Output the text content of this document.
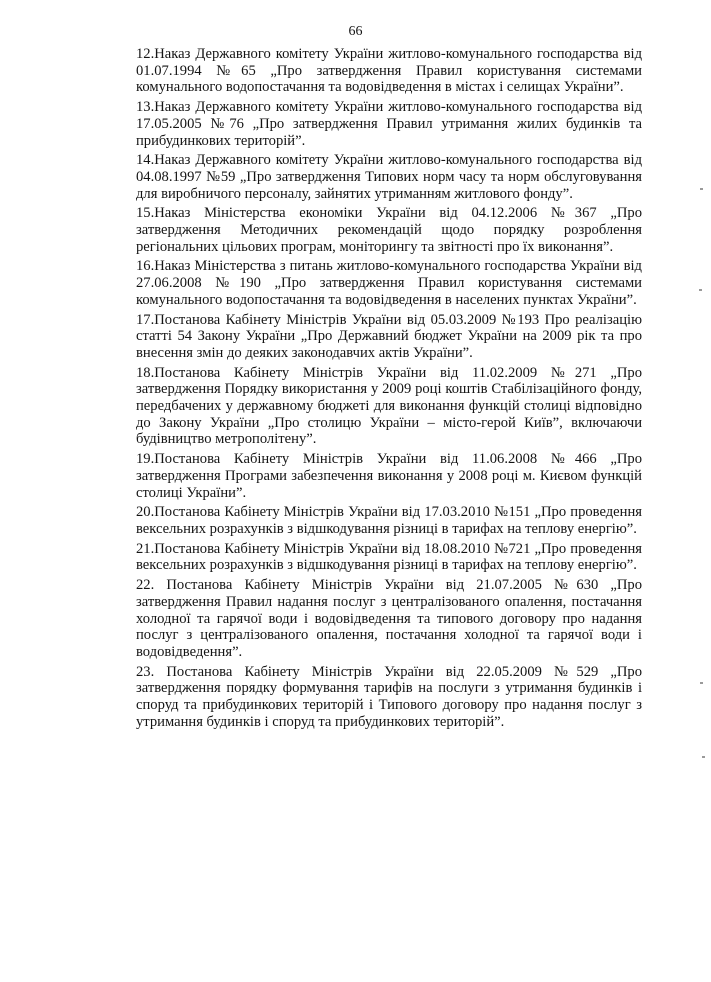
66

12.Наказ Державного комітету України житлово-комунального господарства від 01.07.1994 №65 „Про затвердження Правил користування системами комунального водопостачання та водовідведення в містах і селищах України”.

13.Наказ Державного комітету України житлово-комунального господарства від 17.05.2005 №76 „Про затвердження Правил утримання жилих будинків та прибудинкових територій”.

14.Наказ Державного комітету України житлово-комунального господарства від 04.08.1997 №59 „Про затвердження Типових норм часу та норм обслуговування для виробничого персоналу, зайнятих утриманням житлового фонду”.

15.Наказ Міністерства економіки України від 04.12.2006 №367 „Про затвердження Методичних рекомендацій щодо порядку розроблення регіональних цільових програм, моніторингу та звітності про їх виконання”.

16.Наказ Міністерства з питань житлово-комунального господарства України від 27.06.2008 №190 „Про затвердження Правил користування системами комунального водопостачання та водовідведення в населених пунктах України”.

17.Постанова Кабінету Міністрів України від 05.03.2009 №193 Про реалізацію статті 54 Закону України „Про Державний бюджет України на 2009 рік та про внесення змін до деяких законодавчих актів України”.

18.Постанова Кабінету Міністрів України від 11.02.2009 №271 „Про затвердження Порядку використання у 2009 році коштів Стабілізаційного фонду, передбачених у державному бюджеті для виконання функцій столиці відповідно до Закону України „Про столицю України – місто-герой Київ”, включаючи будівництво метрополітену”.

19.Постанова Кабінету Міністрів України від 11.06.2008 №466 „Про затвердження Програми забезпечення виконання у 2008 році м. Києвом функцій столиці України”.

20.Постанова Кабінету Міністрів України від 17.03.2010 №151 „Про проведення вексельних розрахунків з відшкодування різниці в тарифах на теплову енергію”.

21.Постанова Кабінету Міністрів України від 18.08.2010 №721 „Про проведення вексельних розрахунків з відшкодування різниці в тарифах на теплову енергію”.

22. Постанова Кабінету Міністрів України від 21.07.2005 №630 „Про затвердження Правил надання послуг з централізованого опалення, постачання холодної та гарячої води і водовідведення та типового договору про надання послуг з централізованого опалення, постачання холодної та гарячої води і водовідведення”.

23. Постанова Кабінету Міністрів України від 22.05.2009 №529 „Про затвердження порядку формування тарифів на послуги з утримання будинків і споруд та прибудинкових територій і Типового договору про надання послуг з утримання будинків і споруд та прибудинкових територій”.
